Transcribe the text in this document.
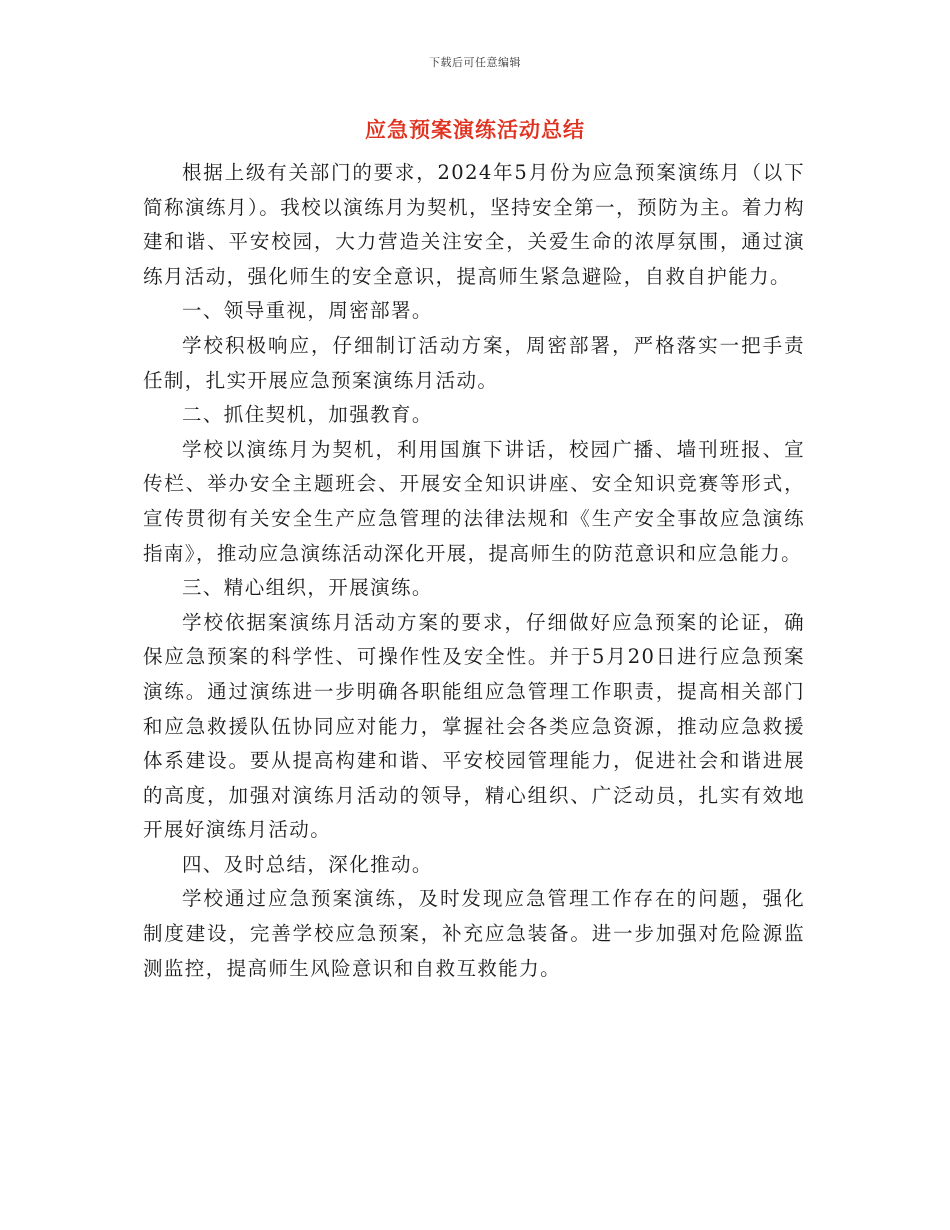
下载后可任意编辑
应急预案演练活动总结

根据上级有关部门的要求，2024年5月份为应急预案演练月（以下简称演练月）。我校以演练月为契机，坚持安全第一，预防为主。着力构建和谐、平安校园，大力营造关注安全，关爱生命的浓厚氛围，通过演练月活动，强化师生的安全意识，提高师生紧急避险，自救自护能力。

一、领导重视，周密部署。

学校积极响应，仔细制订活动方案，周密部署，严格落实一把手责任制，扎实开展应急预案演练月活动。

二、抓住契机，加强教育。

学校以演练月为契机，利用国旗下讲话，校园广播、墙刊班报、宣传栏、举办安全主题班会、开展安全知识讲座、安全知识竞赛等形式，宣传贯彻有关安全生产应急管理的法律法规和《生产安全事故应急演练指南》，推动应急演练活动深化开展，提高师生的防范意识和应急能力。

三、精心组织，开展演练。

学校依据案演练月活动方案的要求，仔细做好应急预案的论证，确保应急预案的科学性、可操作性及安全性。并于5月20日进行应急预案演练。通过演练进一步明确各职能组应急管理工作职责，提高相关部门和应急救援队伍协同应对能力，掌握社会各类应急资源，推动应急救援体系建设。要从提高构建和谐、平安校园管理能力，促进社会和谐进展的高度，加强对演练月活动的领导，精心组织、广泛动员，扎实有效地开展好演练月活动。

四、及时总结，深化推动。

学校通过应急预案演练，及时发现应急管理工作存在的问题，强化制度建设，完善学校应急预案，补充应急装备。进一步加强对危险源监测监控，提高师生风险意识和自救互救能力。
